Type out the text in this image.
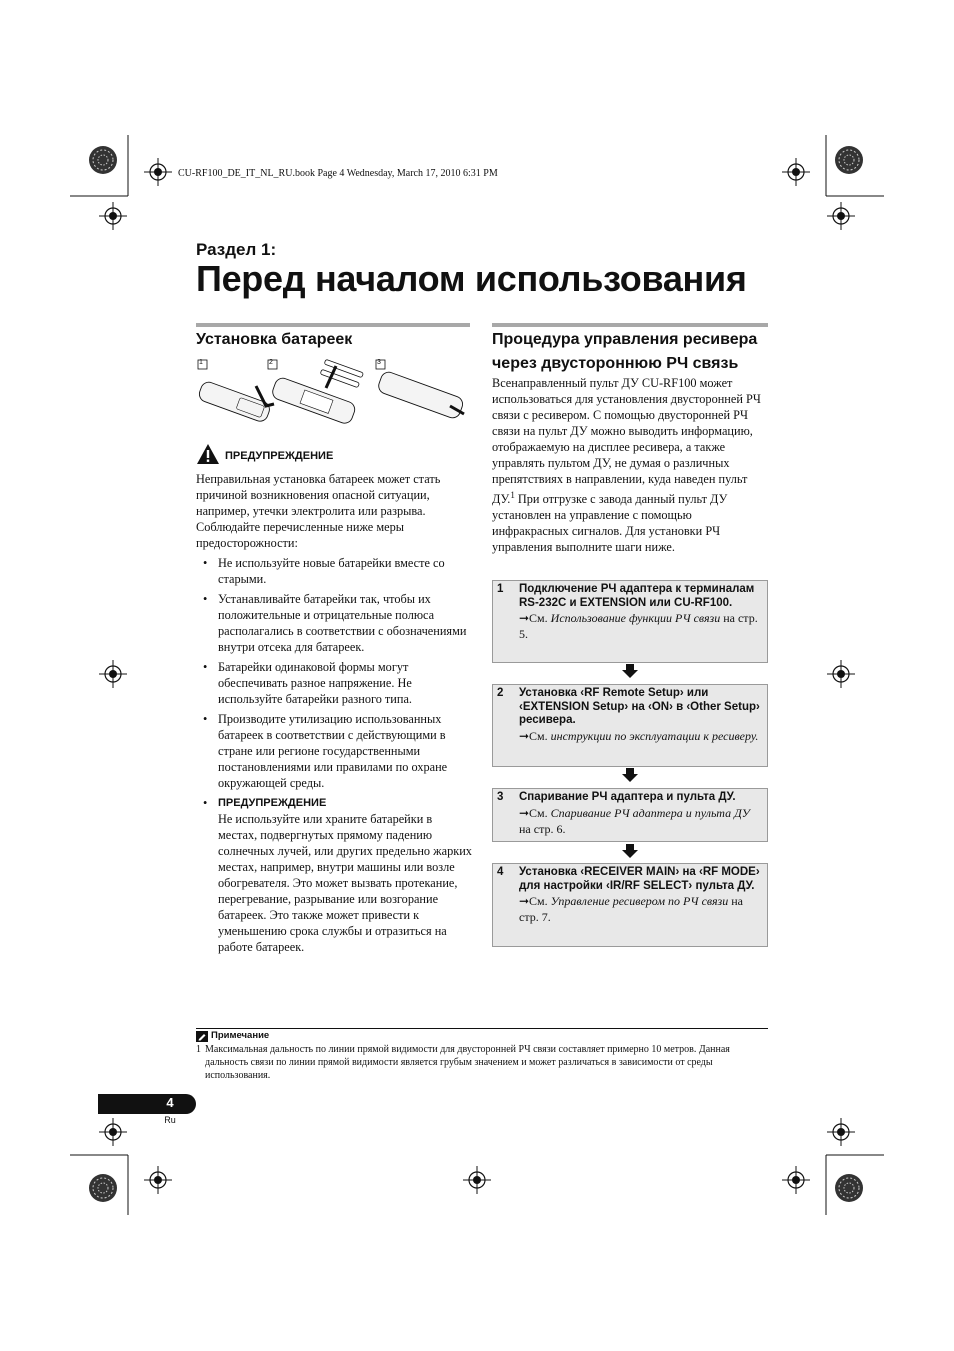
CU-RF100_DE_IT_NL_RU.book Page 4 Wednesday, March 17, 2010 6:31 PM
Раздел 1:
Перед началом использования
Установка батареек
1	2	3
ПРЕДУПРЕЖДЕНИЕ
Неправильная установка батареек может стать причиной возникновения опасной ситуации, например, утечки электролита или разрыва. Соблюдайте перечисленные ниже меры предосторожности:
• Не используйте новые батарейки вместе со старыми.
• Устанавливайте батарейки так, чтобы их положительные и отрицательные полюса располагались в соответствии с обозначениями внутри отсека для батареек.
• Батарейки одинаковой формы могут обеспечивать разное напряжение. Не используйте батарейки разного типа.
• Производите утилизацию использованных батареек в соответствии с действующими в стране или регионе государственными постановлениями или правилами по охране окружающей среды.
• ПРЕДУПРЕЖДЕНИЕ
Не используйте или храните батарейки в местах, подвергнутых прямому падению солнечных лучей, или других предельно жарких местах, например, внутри машины или возле обогревателя. Это может вызвать протекание, перегревание, разрывание или возгорание батареек. Это также может привести к уменьшению срока службы и отразиться на работе батареек.
Процедура управления ресивера
через двустороннюю РЧ связь
Всенаправленный пульт ДУ CU-RF100 может использоваться для установления двусторонней РЧ связи с ресивером. С помощью двусторонней РЧ связи на пульт ДУ можно выводить информацию, отображаемую на дисплее ресивера, а также управлять пультом ДУ, не думая о различных препятствиях в направлении, куда наведен пульт ДУ.$^1$ При отгрузке с завода данный пульт ДУ установлен на управление с помощью инфракрасных сигналов. Для установки РЧ управления выполните шаги ниже.
1 Подключение РЧ адаптера к терминалам RS-232C и EXTENSION или CU-RF100.
➞См. Использование функции РЧ связи на стр. 5.
2 Установка ‹RF Remote Setup› или ‹EXTENSION Setup› на ‹ON› в ‹Other Setup› ресивера.
➞См. инструкции по эксплуатации к ресиверу.
3 Спаривание РЧ адаптера и пульта ДУ.
➞См. Спаривание РЧ адаптера и пульта ДУ на стр. 6.
4 Установка ‹RECEIVER MAIN› на ‹RF MODE› для настройки ‹IR/RF SELECT› пульта ДУ.
➞См. Управление ресивером по РЧ связи на стр. 7.
Примечание
1 Максимальная дальность по линии прямой видимости для двусторонней РЧ связи составляет примерно 10 метров. Данная дальность связи по линии прямой видимости является грубым значением и может различаться в зависимости от среды использования.
4
Ru
